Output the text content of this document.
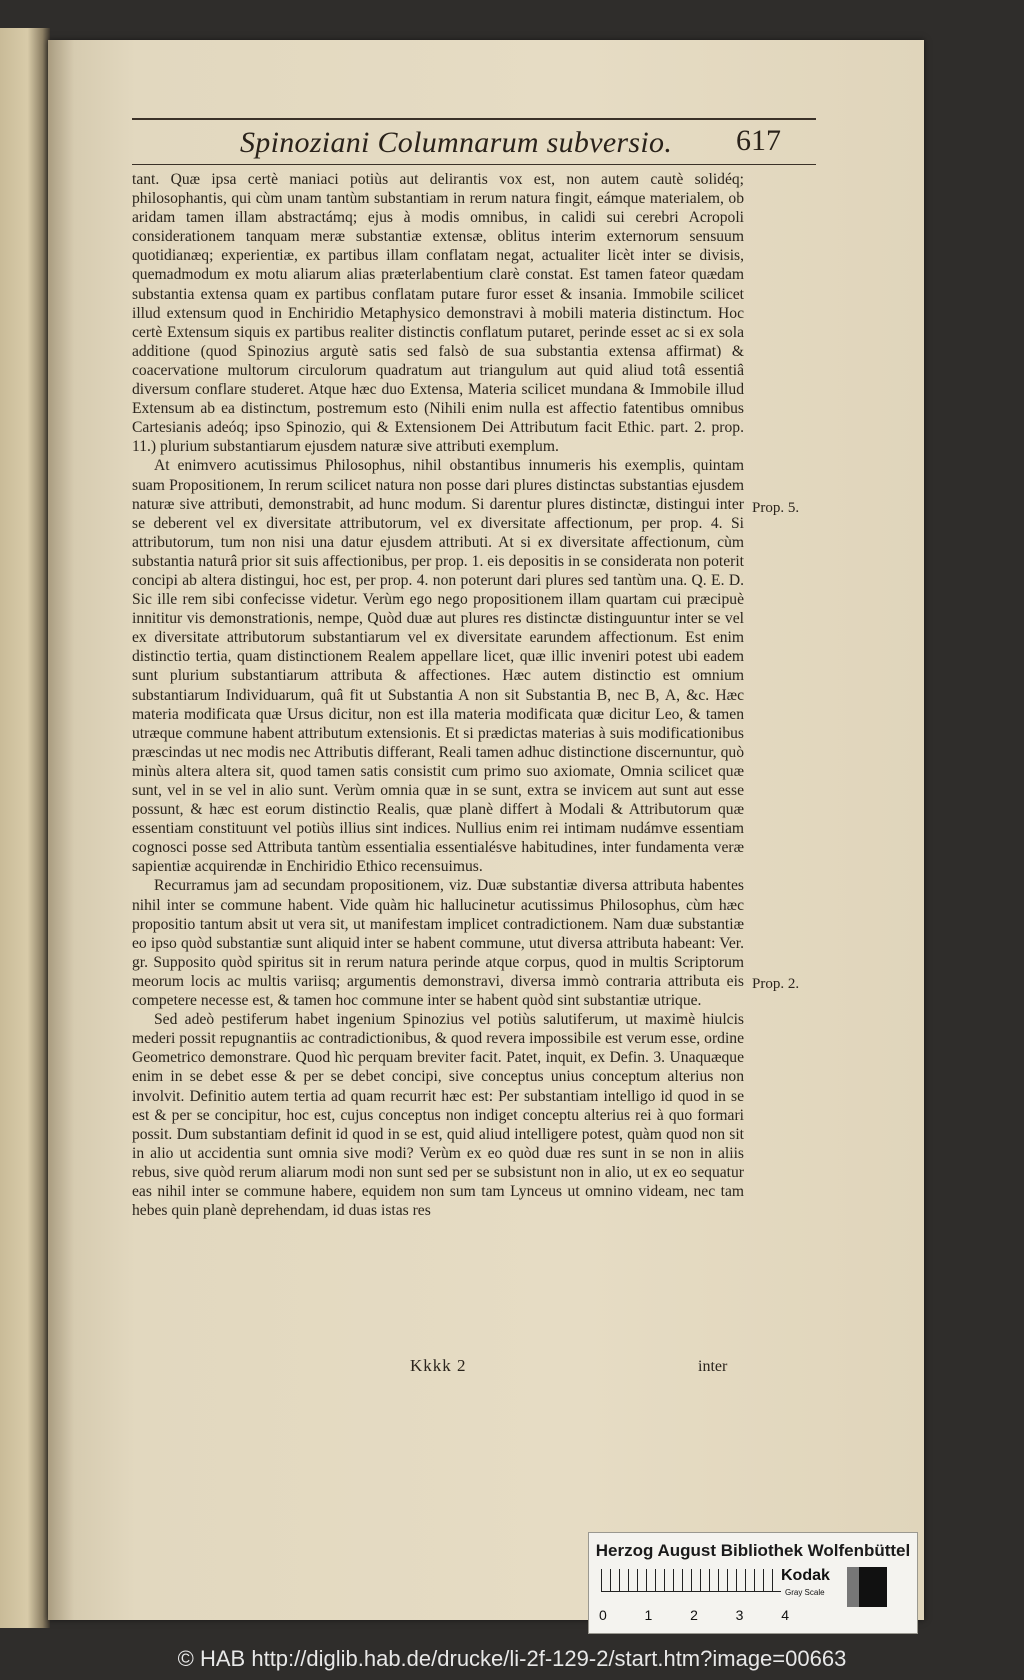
Spinoziani Columnarum subversio. 617

tant. Quæ ipsa certè maniaci potiùs aut delirantis vox est, non autem cautè solidéq; philosophantis, qui cùm unam tantùm substantiam in rerum natura fingit, eámque materialem, ob aridam tamen illam abstractámq; ejus à modis omnibus, in calidi sui cerebri Acropoli considerationem tanquam meræ substantiæ extensæ, oblitus interim externorum sensuum quotidianæq; experientiæ, ex partibus illam conflatam negat, actualiter licèt inter se divisis, quemadmodum ex motu aliarum alias præterlabentium clarè constat. Est tamen fateor quædam substantia extensa quam ex partibus conflatam putare furor esset & insania. Immobile scilicet illud extensum quod in Enchiridio Metaphysico demonstravi à mobili materia distinctum. Hoc certè Extensum siquis ex partibus realiter distinctis conflatum putaret, perinde esset ac si ex sola additione (quod Spinozius argutè satis sed falsò de sua substantia extensa affirmat) & coacervatione multorum circulorum quadratum aut triangulum aut quid aliud totâ essentiâ diversum conflare studeret. Atque hæc duo Extensa, Materia scilicet mundana & Immobile illud Extensum ab ea distinctum, postremum esto (Nihili enim nulla est affectio fatentibus omnibus Cartesianis adeóq; ipso Spinozio, qui & Extensionem Dei Attributum facit Ethic. part. 2. prop. 11.) plurium substantiarum ejusdem naturæ sive attributi exemplum.

At enimvero acutissimus Philosophus, nihil obstantibus innumeris his exemplis, quintam suam Propositionem, In rerum scilicet natura non posse dari plures distinctas substantias ejusdem naturæ sive attributi, demonstrabit, ad hunc modum. Si darentur plures distinctæ, distingui inter se deberent vel ex diversitate attributorum, vel ex diversitate affectionum, per prop. 4. Si attributorum, tum non nisi una datur ejusdem attributi. At si ex diversitate affectionum, cùm substantia naturâ prior sit suis affectionibus, per prop. 1. eis depositis in se considerata non poterit concipi ab altera distingui, hoc est, per prop. 4. non poterunt dari plures sed tantùm una. Q. E. D. Sic ille rem sibi confecisse videtur. Verùm ego nego propositionem illam quartam cui præcipuè innititur vis demonstrationis, nempe, Quòd duæ aut plures res distinctæ distinguuntur inter se vel ex diversitate attributorum substantiarum vel ex diversitate earundem affectionum. Est enim distinctio tertia, quam distinctionem Realem appellare licet, quæ illic inveniri potest ubi eadem sunt plurium substantiarum attributa & affectiones. Hæc autem distinctio est omnium substantiarum Individuarum, quâ fit ut Substantia A non sit Substantia B, nec B, A, &c. Hæc materia modificata quæ Ursus dicitur, non est illa materia modificata quæ dicitur Leo, & tamen utræque commune habent attributum extensionis. Et si prædictas materias à suis modificationibus præscindas ut nec modis nec Attributis differant, Reali tamen adhuc distinctione discernuntur, quò minùs altera altera sit, quod tamen satis consistit cum primo suo axiomate, Omnia scilicet quæ sunt, vel in se vel in alio sunt. Verùm omnia quæ in se sunt, extra se invicem aut sunt aut esse possunt, & hæc est eorum distinctio Realis, quæ planè differt à Modali & Attributorum quæ essentiam constituunt vel potiùs illius sint indices. Nullius enim rei intimam nudámve essentiam cognosci posse sed Attributa tantùm essentialia essentialésve habitudines, inter fundamenta veræ sapientiæ acquirendæ in Enchiridio Ethico recensuimus.

Recurramus jam ad secundam propositionem, viz. Duæ substantiæ diversa attributa habentes nihil inter se commune habent. Vide quàm hic hallucinetur acutissimus Philosophus, cùm hæc propositio tantum absit ut vera sit, ut manifestam implicet contradictionem. Nam duæ substantiæ eo ipso quòd substantiæ sunt aliquid inter se habent commune, utut diversa attributa habeant: Ver. gr. Supposito quòd spiritus sit in rerum natura perinde atque corpus, quod in multis Scriptorum meorum locis ac multis variisq; argumentis demonstravi, diversa immò contraria attributa eis competere necesse est, & tamen hoc commune inter se habent quòd sint substantiæ utrique.

Sed adeò pestiferum habet ingenium Spinozius vel potiùs salutiferum, ut maximè hiulcis mederi possit repugnantiis ac contradictionibus, & quod revera impossibile est verum esse, ordine Geometrico demonstrare. Quod hìc perquam breviter facit. Patet, inquit, ex Defin. 3. Unaquæque enim in se debet esse & per se debet concipi, sive conceptus unius conceptum alterius non involvit. Definitio autem tertia ad quam recurrit hæc est: Per substantiam intelligo id quod in se est & per se concipitur, hoc est, cujus conceptus non indiget conceptu alterius rei à quo formari possit. Dum substantiam definit id quod in se est, quid aliud intelligere potest, quàm quod non sit in alio ut accidentia sunt omnia sive modi? Verùm ex eo quòd duæ res sunt in se non in aliis rebus, sive quòd rerum aliarum modi non sunt sed per se subsistunt non in alio, ut ex eo sequatur eas nihil inter se commune habere, equidem non sum tam Lynceus ut omnino videam, nec tam hebes quin planè deprehendam, id duas istas res

Prop. 5.
Prop. 2.
Kkkk 2	inter
Herzog August Bibliothek Wolfenbüttel
0	1	2	3	4
Kodak
Gray Scale
© HAB http://diglib.hab.de/drucke/li-2f-129-2/start.htm?image=00663
